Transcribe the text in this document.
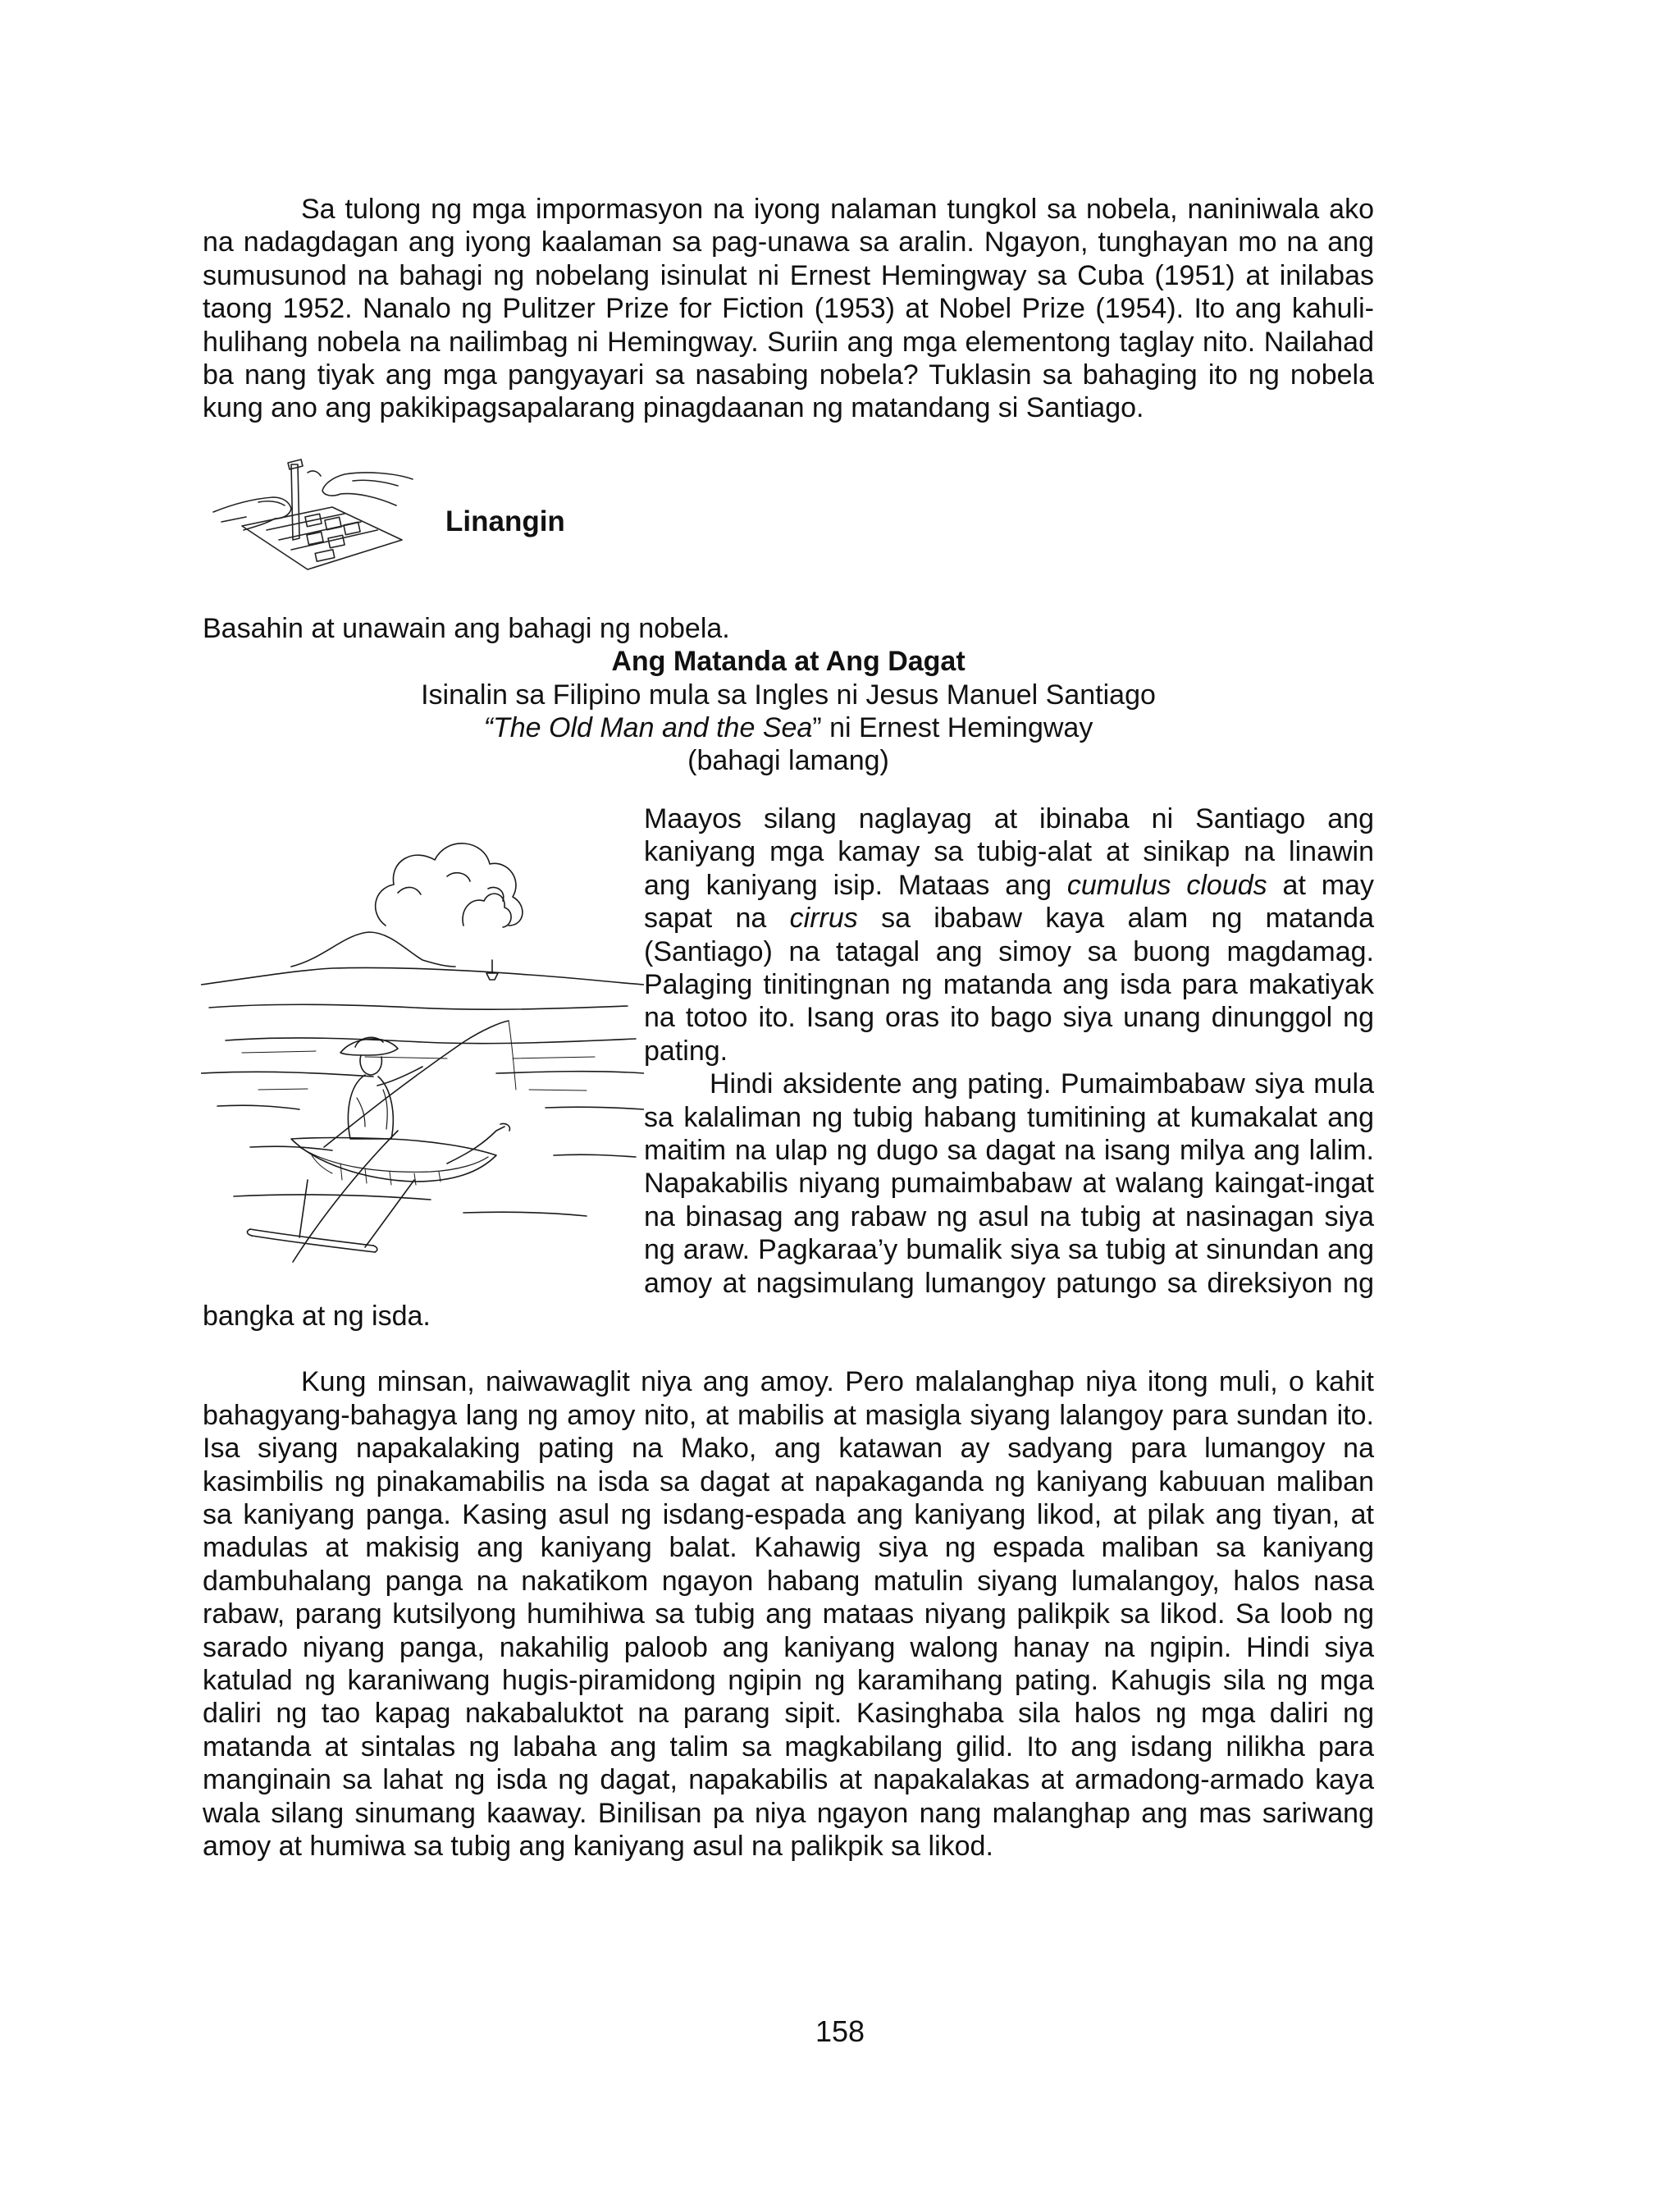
Sa tulong ng mga impormasyon na iyong nalaman tungkol sa nobela, naniniwala ako na nadagdagan ang iyong kaalaman sa pag-unawa sa aralin. Ngayon, tunghayan mo na ang sumusunod na bahagi ng nobelang isinulat ni Ernest Hemingway sa Cuba (1951) at inilabas taong 1952. Nanalo ng Pulitzer Prize for Fiction (1953) at Nobel Prize (1954). Ito ang kahuli-hulihang nobela na nailimbag ni Hemingway. Suriin ang mga elementong taglay nito. Nailahad ba nang tiyak ang mga pangyayari sa nasabing nobela? Tuklasin sa bahaging ito ng nobela kung ano ang pakikipagsapalarang pinagdaanan ng matandang si Santiago.

Linangin

Basahin at unawain ang bahagi ng nobela.

Ang Matanda at Ang Dagat
Isinalin sa Filipino mula sa Ingles ni Jesus Manuel Santiago
“The Old Man and the Sea” ni Ernest Hemingway
(bahagi lamang)

Maayos silang naglayag at ibinaba ni Santiago ang kaniyang mga kamay sa tubig-alat at sinikap na linawin ang kaniyang isip. Mataas ang cumulus clouds at may sapat na cirrus sa ibabaw kaya alam ng matanda (Santiago) na tatagal ang simoy sa buong magdamag. Palaging tinitingnan ng matanda ang isda para makatiyak na totoo ito. Isang oras ito bago siya unang dinunggol ng pating.

Hindi aksidente ang pating. Pumaimbabaw siya mula sa kalaliman ng tubig habang tumitining at kumakalat ang maitim na ulap ng dugo sa dagat na isang milya ang lalim. Napakabilis niyang pumaimbabaw at walang kaingat-ingat na binasag ang rabaw ng asul na tubig at nasinagan siya ng araw. Pagkaraa’y bumalik siya sa tubig at sinundan ang amoy at nagsimulang lumangoy patungo sa direksiyon ng bangka at ng isda.

Kung minsan, naiwawaglit niya ang amoy. Pero malalanghap niya itong muli, o kahit bahagyang-bahagya lang ng amoy nito, at mabilis at masigla siyang lalangoy para sundan ito. Isa siyang napakalaking pating na Mako, ang katawan ay sadyang para lumangoy na kasimbilis ng pinakamabilis na isda sa dagat at napakaganda ng kaniyang kabuuan maliban sa kaniyang panga. Kasing asul ng isdang-espada ang kaniyang likod, at pilak ang tiyan, at madulas at makisig ang kaniyang balat. Kahawig siya ng espada maliban sa kaniyang dambuhalang panga na nakatikom ngayon habang matulin siyang lumalangoy, halos nasa rabaw, parang kutsilyong humihiwa sa tubig ang mataas niyang palikpik sa likod. Sa loob ng sarado niyang panga, nakahilig paloob ang kaniyang walong hanay na ngipin. Hindi siya katulad ng karaniwang hugis-piramidong ngipin ng karamihang pating. Kahugis sila ng mga daliri ng tao kapag nakabaluktot na parang sipit. Kasinghaba sila halos ng mga daliri ng matanda at sintalas ng labaha ang talim sa magkabilang gilid. Ito ang isdang nilikha para manginain sa lahat ng isda ng dagat, napakabilis at napakalakas at armadong-armado kaya wala silang sinumang kaaway. Binilisan pa niya ngayon nang malanghap ang mas sariwang amoy at humiwa sa tubig ang kaniyang asul na palikpik sa likod.

158
